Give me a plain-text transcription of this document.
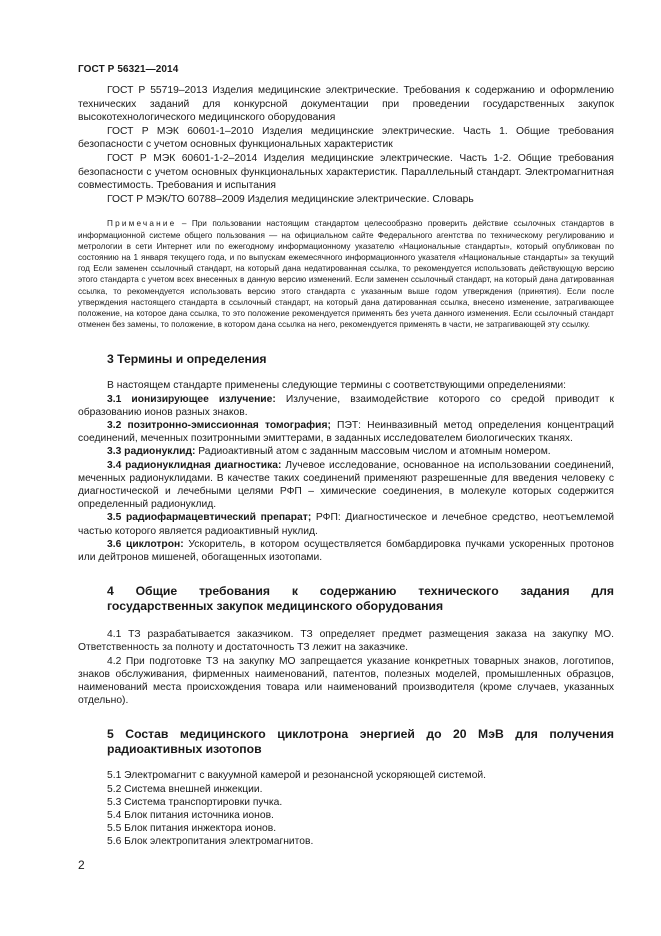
ГОСТ Р 56321—2014

ГОСТ Р 55719–2013 Изделия медицинские электрические. Требования к содержанию и оформлению технических заданий для конкурсной документации при проведении государственных закупок высокотехнологического медицинского оборудования

ГОСТ Р МЭК 60601-1–2010 Изделия медицинские электрические. Часть 1. Общие требования безопасности с учетом основных функциональных характеристик

ГОСТ Р МЭК 60601-1-2–2014 Изделия медицинские электрические. Часть 1-2. Общие требования безопасности с учетом основных функциональных характеристик. Параллельный стандарт. Электромагнитная совместимость. Требования и испытания

ГОСТ Р МЭК/ТО 60788–2009 Изделия медицинские электрические. Словарь

Примечание – При пользовании настоящим стандартом целесообразно проверить действие ссылочных стандартов в информационной системе общего пользования — на официальном сайте Федерального агентства по техническому регулированию и метрологии в сети Интернет или по ежегодному информационному указателю «Национальные стандарты», который опубликован по состоянию на 1 января текущего года, и по выпускам ежемесячного информационного указателя «Национальные стандарты» за текущий год Если заменен ссылочный стандарт, на который дана недатированная ссылка, то рекомендуется использовать действующую версию этого стандарта с учетом всех внесенных в данную версию изменений. Если заменен ссылочный стандарт, на который дана датированная ссылка, то рекомендуется использовать версию этого стандарта с указанным выше годом утверждения (принятия). Если после утверждения настоящего стандарта в ссылочный стандарт, на который дана датированная ссылка, внесено изменение, затрагивающее положение, на которое дана ссылка, то это положение рекомендуется применять без учета данного изменения. Если ссылочный стандарт отменен без замены, то положение, в котором дана ссылка на него, рекомендуется применять в части, не затрагивающей эту ссылку.

3 Термины и определения

В настоящем стандарте применены следующие термины с соответствующими определениями:

3.1 ионизирующее излучение: Излучение, взаимодействие которого со средой приводит к образованию ионов разных знаков.

3.2 позитронно-эмиссионная томография; ПЭТ: Неинвазивный метод определения концентраций соединений, меченных позитронными эмиттерами, в заданных исследователем биологических тканях.

3.3 радионуклид: Радиоактивный атом с заданным массовым числом и атомным номером.

3.4 радионуклидная диагностика: Лучевое исследование, основанное на использовании соединений, меченных радионуклидами. В качестве таких соединений применяют разрешенные для введения человеку с диагностической и лечебными целями РФП – химические соединения, в молекуле которых содержится определенный радионуклид.

3.5 радиофармацевтический препарат; РФП: Диагностическое и лечебное средство, неотъемлемой частью которого является радиоактивный нуклид.

3.6 циклотрон: Ускоритель, в котором осуществляется бомбардировка пучками ускоренных протонов или дейтронов мишеней, обогащенных изотопами.

4 Общие требования к содержанию технического задания для
государственных закупок медицинского оборудования

4.1 ТЗ разрабатывается заказчиком. ТЗ определяет предмет размещения заказа на закупку МО. Ответственность за полноту и достаточность ТЗ лежит на заказчике.

4.2 При подготовке ТЗ на закупку МО запрещается указание конкретных товарных знаков, логотипов, знаков обслуживания, фирменных наименований, патентов, полезных моделей, промышленных образцов, наименований места происхождения товара или наименований производителя (кроме случаев, указанных отдельно).

5 Состав медицинского циклотрона энергией до 20 МэВ для получения
радиоактивных изотопов

5.1 Электромагнит с вакуумной камерой и резонансной ускоряющей системой.

5.2 Система внешней инжекции.

5.3 Система транспортировки пучка.

5.4 Блок питания источника ионов.

5.5 Блок питания инжектора ионов.

5.6 Блок электропитания электромагнитов.

2
